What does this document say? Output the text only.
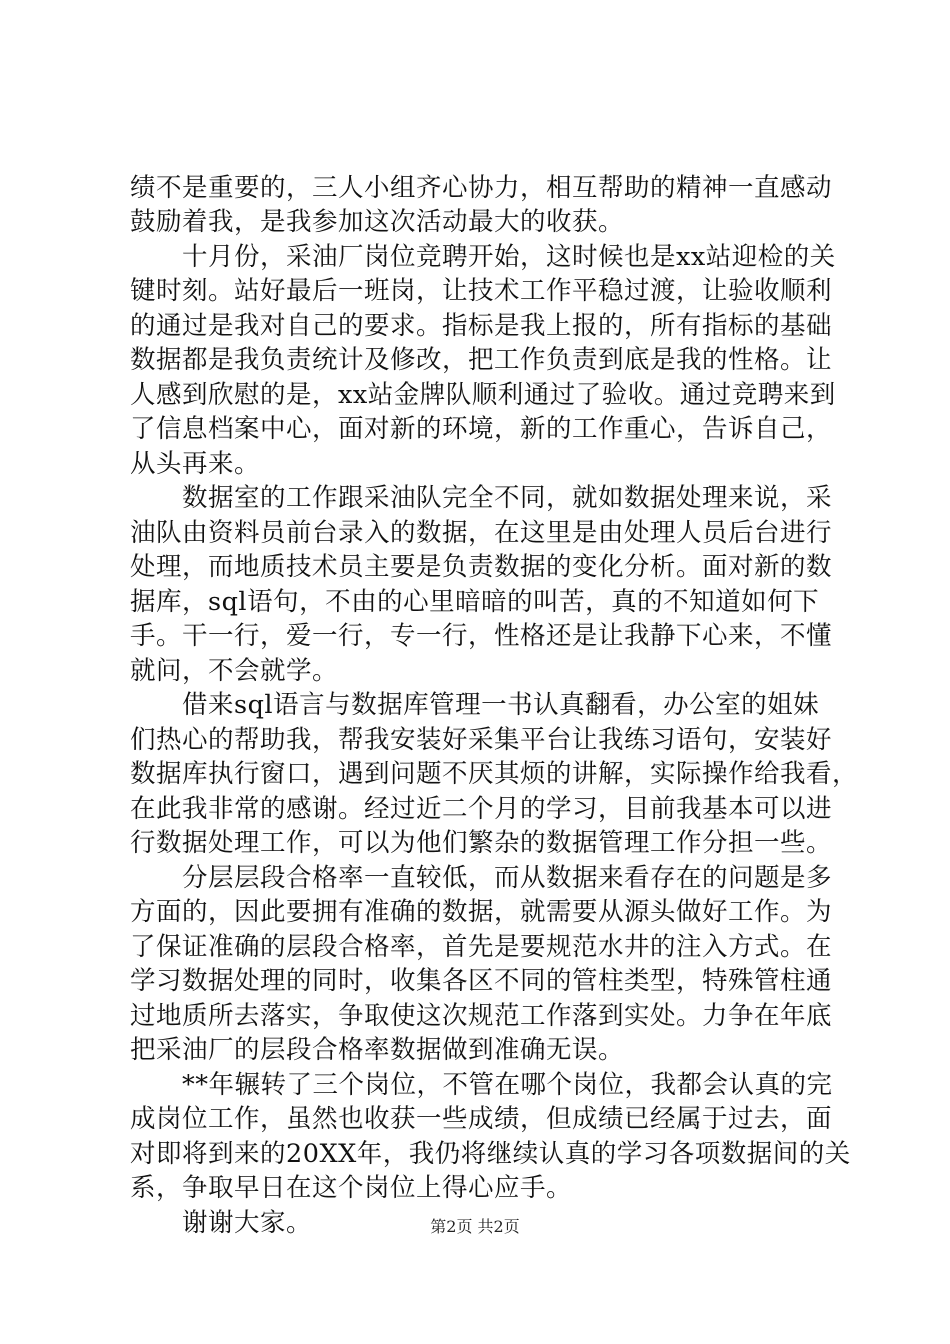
绩不是重要的，三人小组齐心协力，相互帮助的精神一直感动
鼓励着我，是我参加这次活动最大的收获。
十月份，采油厂岗位竞聘开始，这时候也是xx站迎检的关
键时刻。站好最后一班岗，让技术工作平稳过渡，让验收顺利
的通过是我对自己的要求。指标是我上报的，所有指标的基础
数据都是我负责统计及修改，把工作负责到底是我的性格。让
人感到欣慰的是，xx站金牌队顺利通过了验收。通过竞聘来到
了信息档案中心，面对新的环境，新的工作重心，告诉自己，
从头再来。
数据室的工作跟采油队完全不同，就如数据处理来说，采
油队由资料员前台录入的数据，在这里是由处理人员后台进行
处理，而地质技术员主要是负责数据的变化分析。面对新的数
据库，sql语句，不由的心里暗暗的叫苦，真的不知道如何下
手。干一行，爱一行，专一行，性格还是让我静下心来，不懂
就问，不会就学。
借来sql语言与数据库管理一书认真翻看，办公室的姐妹
们热心的帮助我，帮我安装好采集平台让我练习语句，安装好
数据库执行窗口，遇到问题不厌其烦的讲解，实际操作给我看，
在此我非常的感谢。经过近二个月的学习，目前我基本可以进
行数据处理工作，可以为他们繁杂的数据管理工作分担一些。
分层层段合格率一直较低，而从数据来看存在的问题是多
方面的，因此要拥有准确的数据，就需要从源头做好工作。为
了保证准确的层段合格率，首先是要规范水井的注入方式。在
学习数据处理的同时，收集各区不同的管柱类型，特殊管柱通
过地质所去落实，争取使这次规范工作落到实处。力争在年底
把采油厂的层段合格率数据做到准确无误。
**年辗转了三个岗位，不管在哪个岗位，我都会认真的完
成岗位工作，虽然也收获一些成绩，但成绩已经属于过去，面
对即将到来的20XX年，我仍将继续认真的学习各项数据间的关
系，争取早日在这个岗位上得心应手。
谢谢大家。	第2页 共2页
